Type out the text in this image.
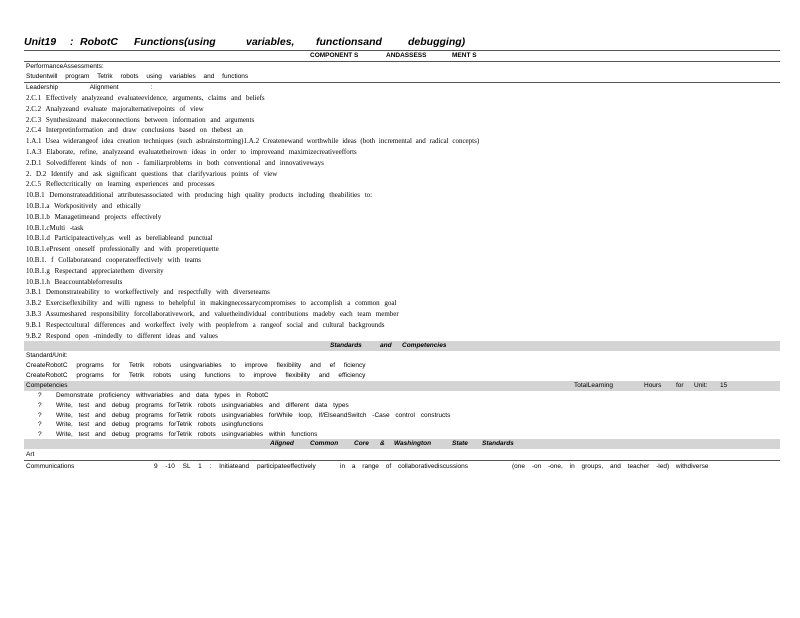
Unit19 : RobotC Functions(using	variables, functionsand debugging)
COMPONENT S	ANDASSESS	MENT S
PerformanceAssessments:
Studentwill program Tetrik robots using variables and functions
Leadership Alignment :
2.C.1 Effectively analyzeand evaluateevidence, arguments, claims and beliefs
2.C.2 Analyzeand evaluate majoralternativepoints of view
2.C.3 Synthesizeand makeconnections between information and arguments
2.C.4 Interpretinformation and draw conclusions based on thebest an
1.A.1 Usea widerangeof idea creation techniques (such asbrainstorming)1.A.2 Createnewand worthwhile ideas (both incremental and radical concepts)
1.A.3 Elaborate, refine, analyzeand evaluatetheirown ideas in order to improveand maximizecreativeefforts
2.D.1 Solvedifferent kinds of non - familiarproblems in both conventional and innovativeways
2. D.2 Identify and ask significant questions that clarifyvarious points of view
2.C.5 Reflectcritically on learning experiences and processes
10.B.1 Demonstrateadditional attributesassociated with producing high quality products including theabilities to:
10.B.1.a Workpositively and ethically
10.B.1.b Managetimeand projects effectively
10.B.1.cMulti -task
10.B.1.d Participateactively,as well as bereliableand punctual
10.B.1.ePresent oneself professionally and with properetiquette
10.B.1. f Collaborateand cooperateeffectively with teams
10.B.1.g Respectand appreciatethem diversity
10.B.1.h Beaccountableforresults
3.B.1 Demonstrateability to workeffectively and respectfully with diverseteams
3.B.2 Exerciseflexibility and willi ngness to behelpful in makingnecessarycompromises to accomplish a common goal
3.B.3 Assumeshared responsibility forcollaborativework, and valuetheindividual contributions madeby each team member
9.B.1 Respectcultural differences and workeffect ively with peoplefrom a rangeof social and cultural backgrounds
9.B.2 Respond open -mindedly to different ideas and values
Standards	and Competencies
Standard/Unit:
CreateRobotC programs for Tetrik robots usingvariables to improve flexibility and ef ficiency
CreateRobotC programs for Tetrik robots using functions to improve flexibility and efficiency
Competencies	TotalLearning	Hours for Unit: 15
? Demonstrate proficiency withvariables and data types in RobotC
? Write, test and debug programs forTetrik robots usingvariables and different data types
? Write, test and debug programs forTetrik robots usingvariables forWhile loop, If/ElseandSwitch -Case control constructs
? Write, test and debug programs forTetrik robots usingfunctions
? Write, test and debug programs forTetrik robots usingvariables within functions
Aligned Common Core & Washington	State Standards
Art
Communications	9 -10 SL 1 : Initiateand participateeffectively	in a range of collaborativediscussions	(one -on -one, in groups, and teacher -led) withdiverse
